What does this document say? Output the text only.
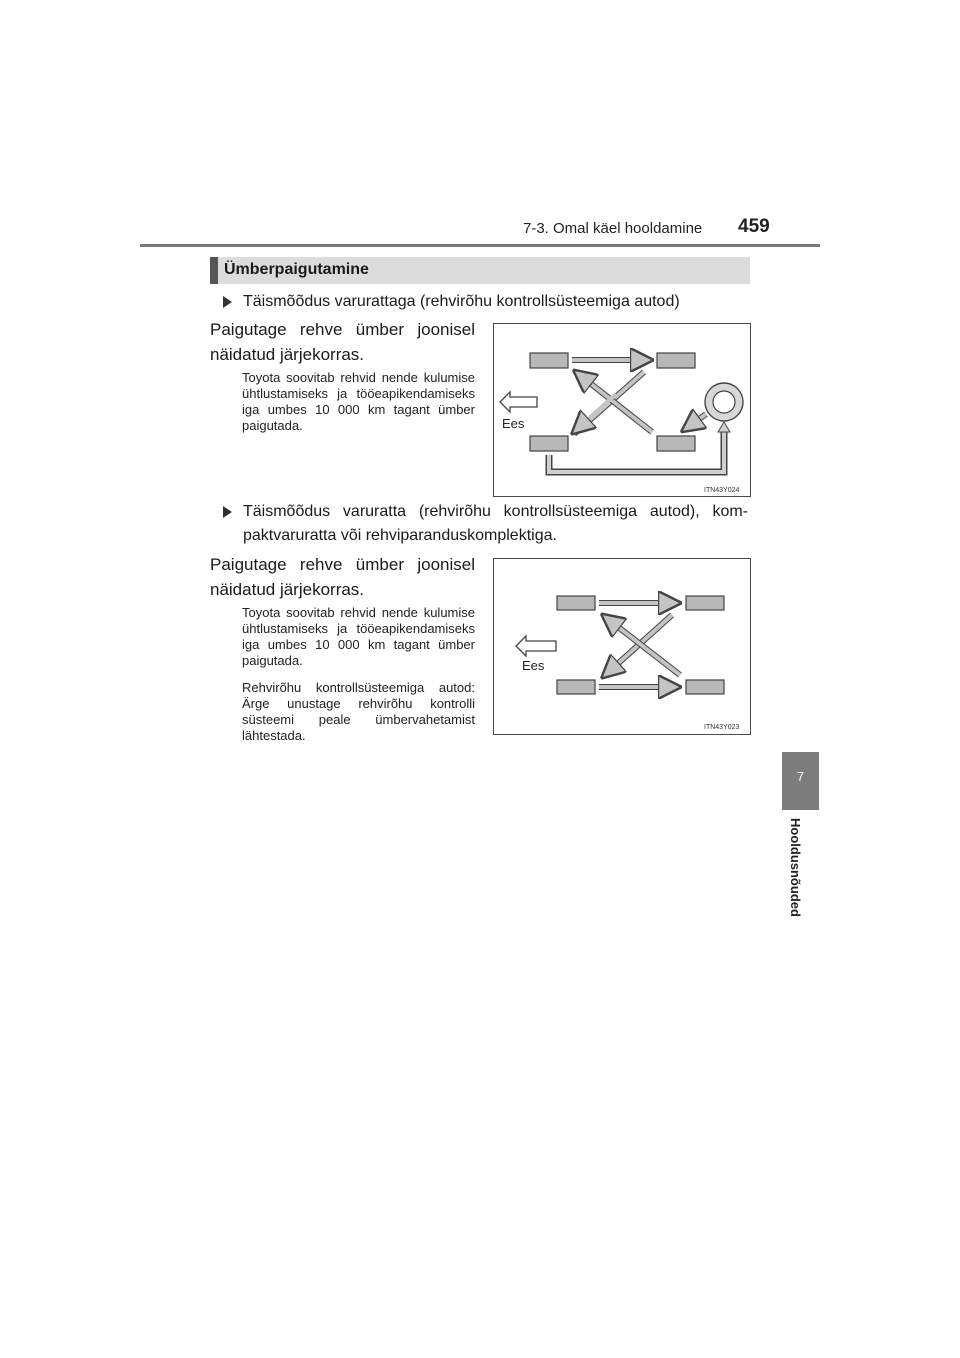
7-3. Omal käel hooldamine 459
Ümberpaigutamine
Täismõõdus varurattaga (rehvirõhu kontrollsüsteemiga autod)
Paigutage rehve ümber joonisel näidatud järjekorras.
Toyota soovitab rehvid nende kulumise ühtlustamiseks ja tööeapikendamiseks iga umbes 10 000 km tagant ümber paigutada.	Ees
ITN43Y024
Täismõõdus varuratta (rehvirõhu kontrollsüsteemiga autod), kompaktvaruratta või rehviparanduskomplektiga.
Paigutage rehve ümber joonisel näidatud järjekorras.
Toyota soovitab rehvid nende kulumise ühtlustamiseks ja tööeapikendamiseks iga umbes 10 000 km tagant ümber paigutada.
Rehvirõhu kontrollsüsteemiga autod: Ärge unustage rehvirõhu kontrolli süsteemi peale ümbervahetamist lähtestada.
Ees
ITN43Y023
7
Hooldusnõuded
